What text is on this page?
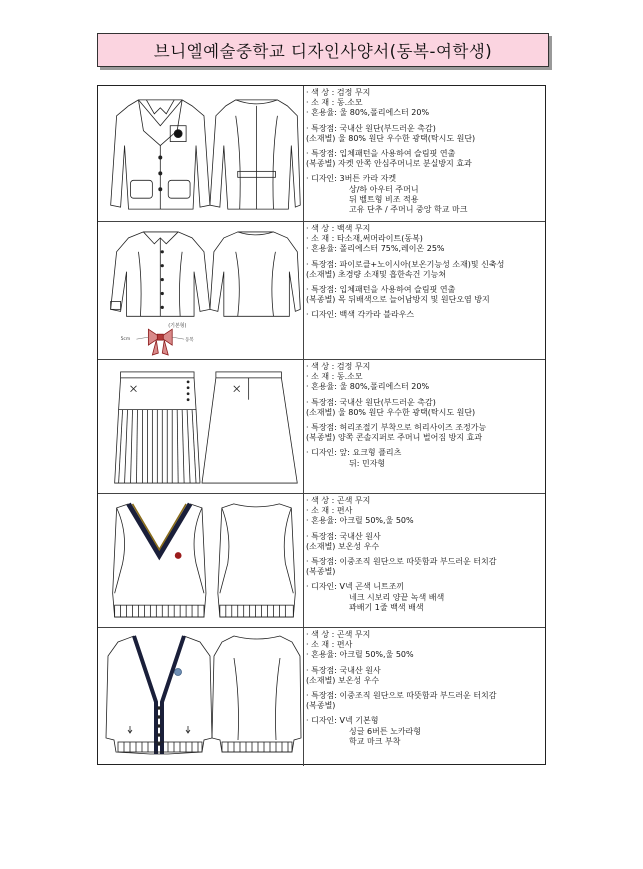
브니엘예술중학교 디자인사양서(동복-여학생)
· 색 상 : 검정 무지
· 소 재 : 동.소모
· 혼용율: 울 80%,폴리에스터 20%
· 특장점: 국내산 원단(부드러운 촉감)
(소재별) 울 80% 원단 우수한 광택(탁시도 원단)
· 특장점: 입체패턴을 사용하여 슬림핏 연출
(복종별) 자켓 안쪽 안심주머니로 분실방지 효과
· 디자인: 3버튼 카라 자켓
상/하 아우터 주머니
뒤 벨트형 비조 적용
고유 단추 / 주머니 중앙 학교 마크
(기본형)
5cm	동복
· 색 상 : 백색 무지
· 소 재 : 타소재,써머라이트(동복)
· 혼용율: 폴리에스터 75%,레이온 25%
· 특장점: 파이로클+노이시아(보온기능성 소재)및 신축성
(소재별) 초경량 소재및 흡한속건 기능쳐
· 특장점: 입체패턴을 사용하여 슬림핏 연출
(복종별) 목 뒤배색으로 늘어남방지 및 원단오염 방지
· 디자인: 백색 각카라 블라우스
· 색 상 : 검정 무지
· 소 재 : 동.소모
· 혼용율: 울 80%,폴리에스터 20%
· 특장점: 국내산 원단(부드러운 촉감)
(소재별) 울 80% 원단 우수한 광택(탁시도 원단)
· 특장점: 허리조절기 부착으로 허리사이즈 조정가능
(복종별) 양쪽 콘솔지퍼로 주머니 벌어짐 방지 효과
· 디자인: 앞: 요크형 플리츠
뒤: 민자형
· 색 상 : 곤색 무지
· 소 재 : 편사
· 혼용율: 아크릴 50%,울 50%
· 특장점: 국내산 원사
(소재별) 보온성 우수
· 특장점: 이중조직 원단으로 따뜻함과 부드러운 터치감
(복종별)
· 디자인: V넥 곤색 니트조끼
네크 시보리 양끝 녹색 배색
꽈배기 1줄 백색 배색
· 색 상 : 곤색 무지
· 소 재 : 편사
· 혼용율: 아크릴 50%,울 50%
· 특장점: 국내산 원사
(소재별) 보온성 우수
· 특장점: 이중조직 원단으로 따뜻함과 부드러운 터치감
(복종별)
· 디자인: V넥 기본형
싱글 6버튼 노카라형
학교 마크 부착
